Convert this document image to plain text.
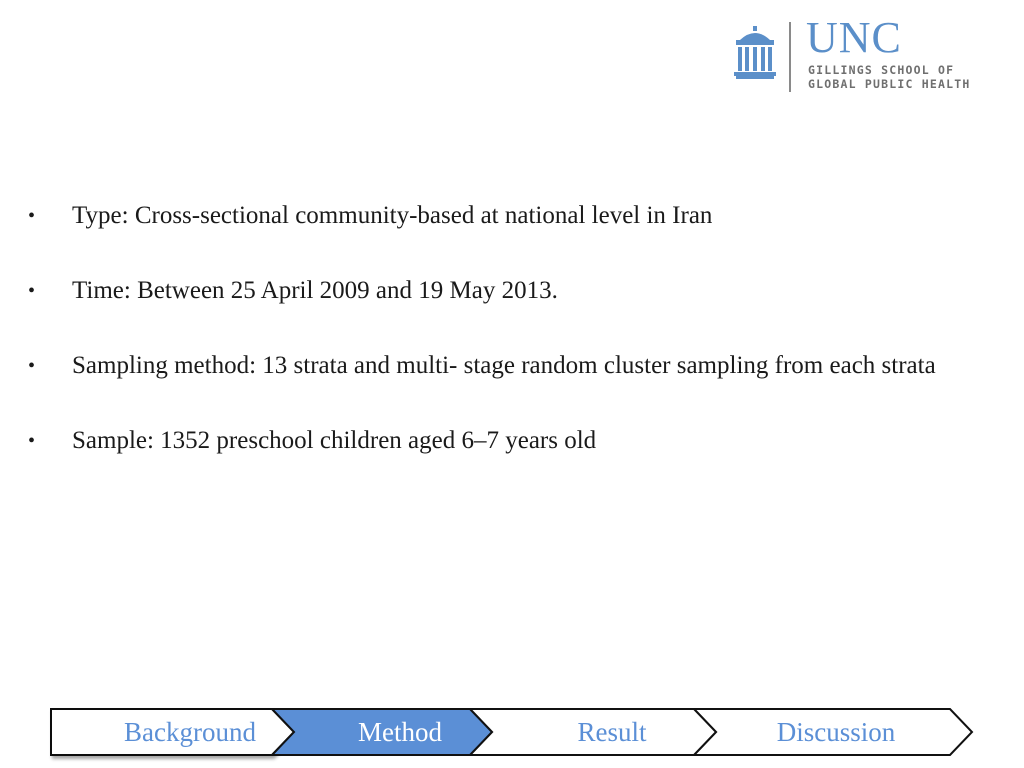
UNC
GILLINGS SCHOOL OF
GLOBAL PUBLIC HEALTH
•	Type: Cross-sectional community-based at national level in Iran
•	Time: Between 25 April 2009 and 19 May 2013.
•	Sampling method: 13 strata and multi- stage random cluster sampling from each strata
•	Sample: 1352 preschool children aged 6–7 years old
Background	Method	Result	Discussion
